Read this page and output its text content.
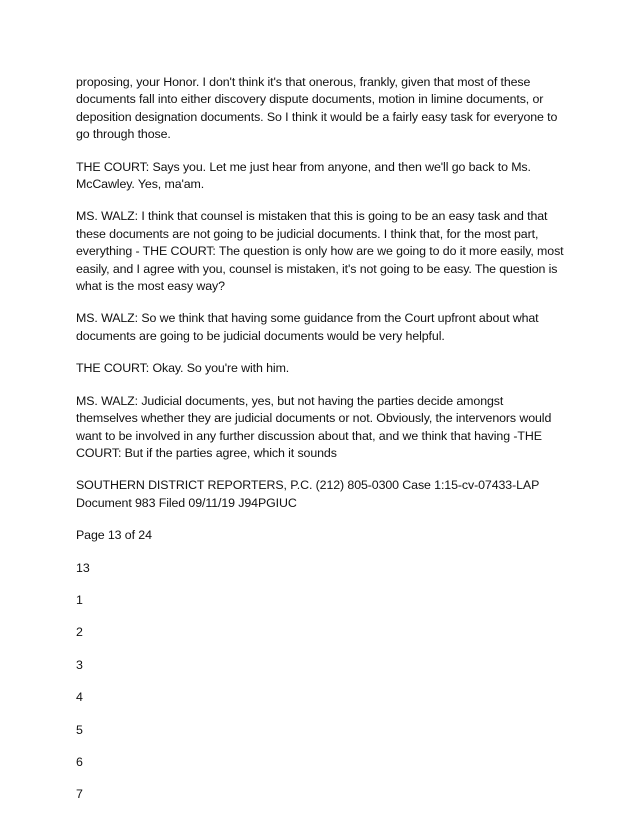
proposing, your Honor. I don't think it's that onerous, frankly, given that most of these documents fall into either discovery dispute documents, motion in limine documents, or deposition designation documents. So I think it would be a fairly easy task for everyone to go through those.

THE COURT: Says you. Let me just hear from anyone, and then we'll go back to Ms. McCawley. Yes, ma'am.

MS. WALZ: I think that counsel is mistaken that this is going to be an easy task and that these documents are not going to be judicial documents. I think that, for the most part, everything - THE COURT: The question is only how are we going to do it more easily, most easily, and I agree with you, counsel is mistaken, it's not going to be easy. The question is what is the most easy way?

MS. WALZ: So we think that having some guidance from the Court upfront about what documents are going to be judicial documents would be very helpful.

THE COURT: Okay. So you're with him.

MS. WALZ: Judicial documents, yes, but not having the parties decide amongst themselves whether they are judicial documents or not. Obviously, the intervenors would want to be involved in any further discussion about that, and we think that having -THE COURT: But if the parties agree, which it sounds

SOUTHERN DISTRICT REPORTERS, P.C. (212) 805-0300 Case 1:15-cv-07433-LAP Document 983 Filed 09/11/19 J94PGIUC

Page 13 of 24

13

1

2

3

4

5

6

7
